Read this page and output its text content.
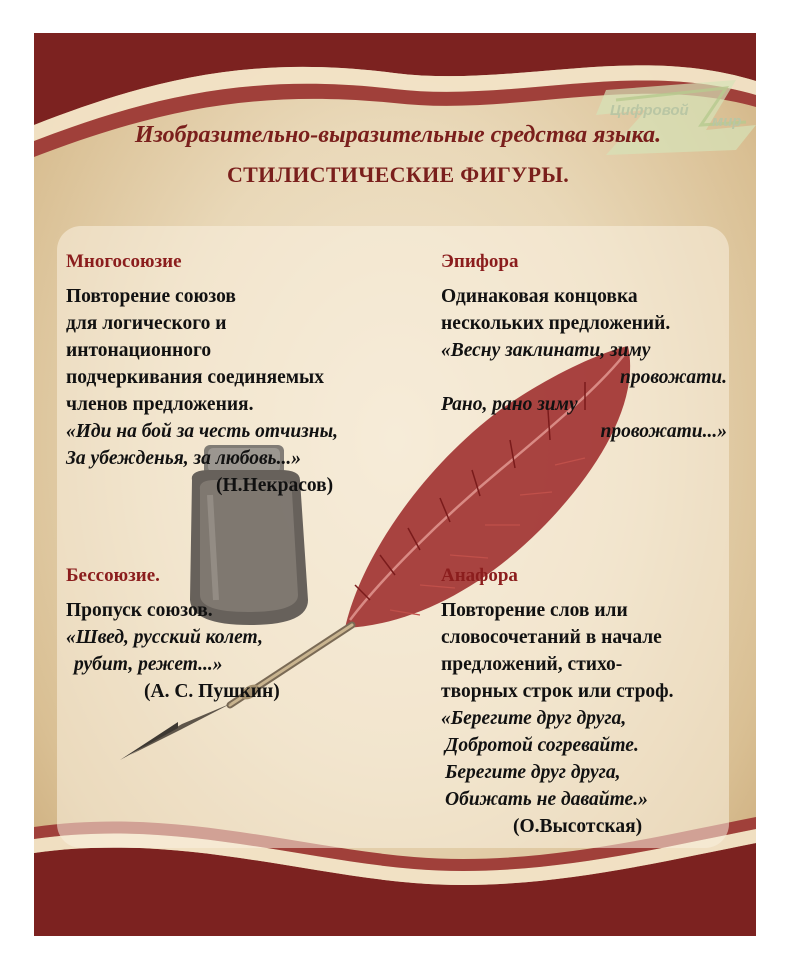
Цифровой
мир
Изобразительно-выразительные средства языка.
СТИЛИСТИЧЕСКИЕ ФИГУРЫ.
Многосоюзие
Повторение союзов
для логического и
интонационного
подчеркивания соединяемых
членов предложения.
«Иди на бой за честь отчизны,
За убежденья, за любовь...»
(Н.Некрасов)
Эпифора
Одинаковая концовка
нескольких предложений.
«Весну заклинати, зиму
провожати.
Рано, рано зиму
провожати...»
Бессоюзие.
Пропуск союзов.
«Швед, русский колет,
рубит, режет...»
(А. С. Пушкин)
Анафора
Повторение слов или
словосочетаний в начале
предложений, стихо-
творных строк или строф.
«Берегите друг друга,
Добротой согревайте.
Берегите друг друга,
Обижать не давайте.»
(О.Высотская)
